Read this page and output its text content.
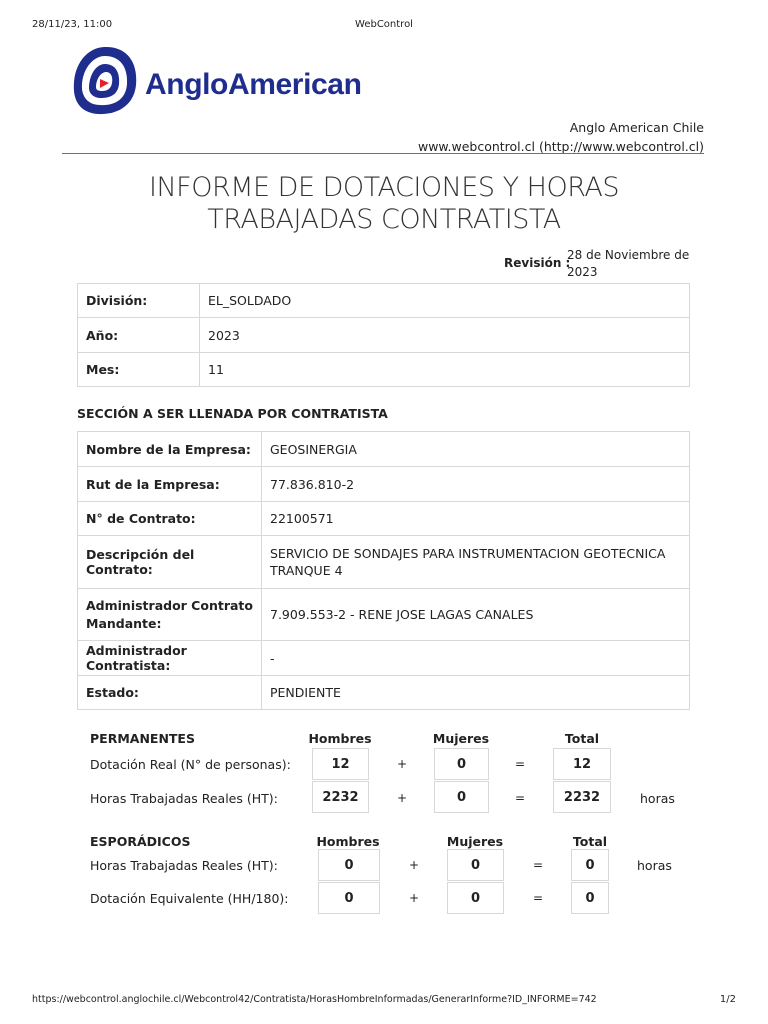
28/11/23, 11:00	WebControl
AngloAmerican
Anglo American Chile
www.webcontrol.cl (http://www.webcontrol.cl)
INFORME DE DOTACIONES Y HORAS
TRABAJADAS CONTRATISTA
Revisión :
28 de Noviembre de 2023
División:	EL_SOLDADO
Año:	2023
Mes:	11
SECCIÓN A SER LLENADA POR CONTRATISTA
Nombre de la Empresa:	GEOSINERGIA
Rut de la Empresa:	77.836.810-2
N° de Contrato:	22100571
Descripción del Contrato:	SERVICIO DE SONDAJES PARA INSTRUMENTACION GEOTECNICA TRANQUE 4
Administrador Contrato Mandante:	7.909.553-2 - RENE JOSE LAGAS CANALES
Administrador Contratista:	-
Estado:	PENDIENTE
PERMANENTES	Hombres	Mujeres	Total
Dotación Real (N° de personas):	12	+	0	=	12
Horas Trabajadas Reales (HT):	2232	+	0	=	2232	horas
ESPORÁDICOS	Hombres	Mujeres	Total
Horas Trabajadas Reales (HT):	0	+	0	=	0	horas
Dotación Equivalente (HH/180):	0	+	0	=	0
https://webcontrol.anglochile.cl/Webcontrol42/Contratista/HorasHombreInformadas/GenerarInforme?ID_INFORME=742	1/2
